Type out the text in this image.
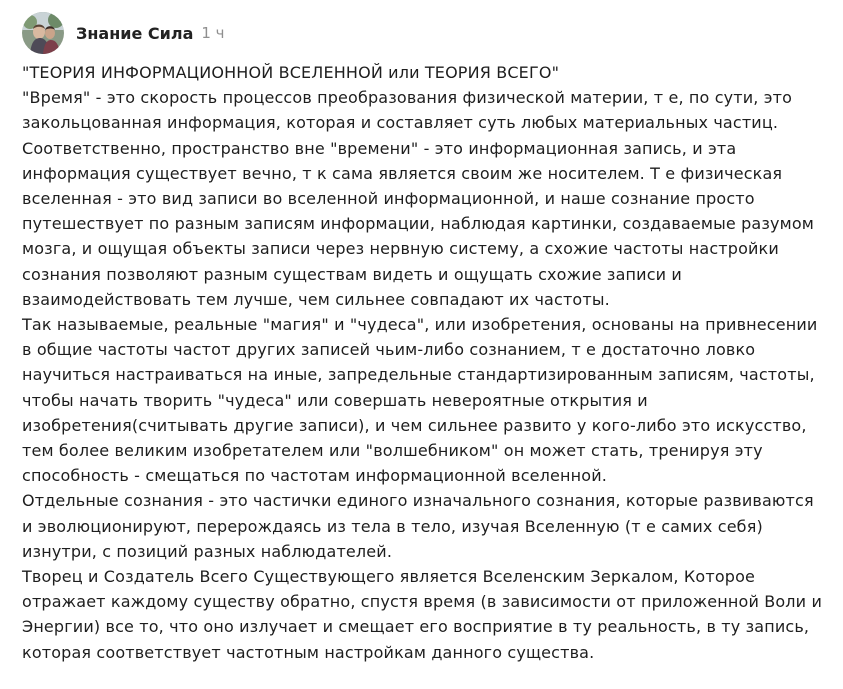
Знание Сила 1 ч

"ТЕОРИЯ ИНФОРМАЦИОННОЙ ВСЕЛЕННОЙ или ТЕОРИЯ ВСЕГО"

"Время" - это скорость процессов преобразования физической материи, т е, по сути, это закольцованная информация, которая и составляет суть любых материальных частиц. Соответственно, пространство вне "времени" - это информационная запись, и эта информация существует вечно, т к сама является своим же носителем. Т е физическая вселенная - это вид записи во вселенной информационной, и наше сознание просто путешествует по разным записям информации, наблюдая картинки, создаваемые разумом мозга, и ощущая объекты записи через нервную систему, а схожие частоты настройки сознания позволяют разным существам видеть и ощущать схожие записи и взаимодействовать тем лучше, чем сильнее совпадают их частоты.

Так называемые, реальные "магия" и "чудеса", или изобретения, основаны на привнесении в общие частоты частот других записей чьим-либо сознанием, т е достаточно ловко научиться настраиваться на иные, запредельные стандартизированным записям, частоты, чтобы начать творить "чудеса" или совершать невероятные открытия и изобретения(считывать другие записи), и чем сильнее развито у кого-либо это искусство, тем более великим изобретателем или "волшебником" он может стать, тренируя эту способность - смещаться по частотам информационной вселенной.

Отдельные сознания - это частички единого изначального сознания, которые развиваются и эволюционируют, перерождаясь из тела в тело, изучая Вселенную (т е самих себя) изнутри, с позиций разных наблюдателей.

Творец и Создатель Всего Существующего является Вселенским Зеркалом, Которое отражает каждому существу обратно, спустя время (в зависимости от приложенной Воли и Энергии) все то, что оно излучает и смещает его восприятие в ту реальность, в ту запись, которая соответствует частотным настройкам данного существа.
